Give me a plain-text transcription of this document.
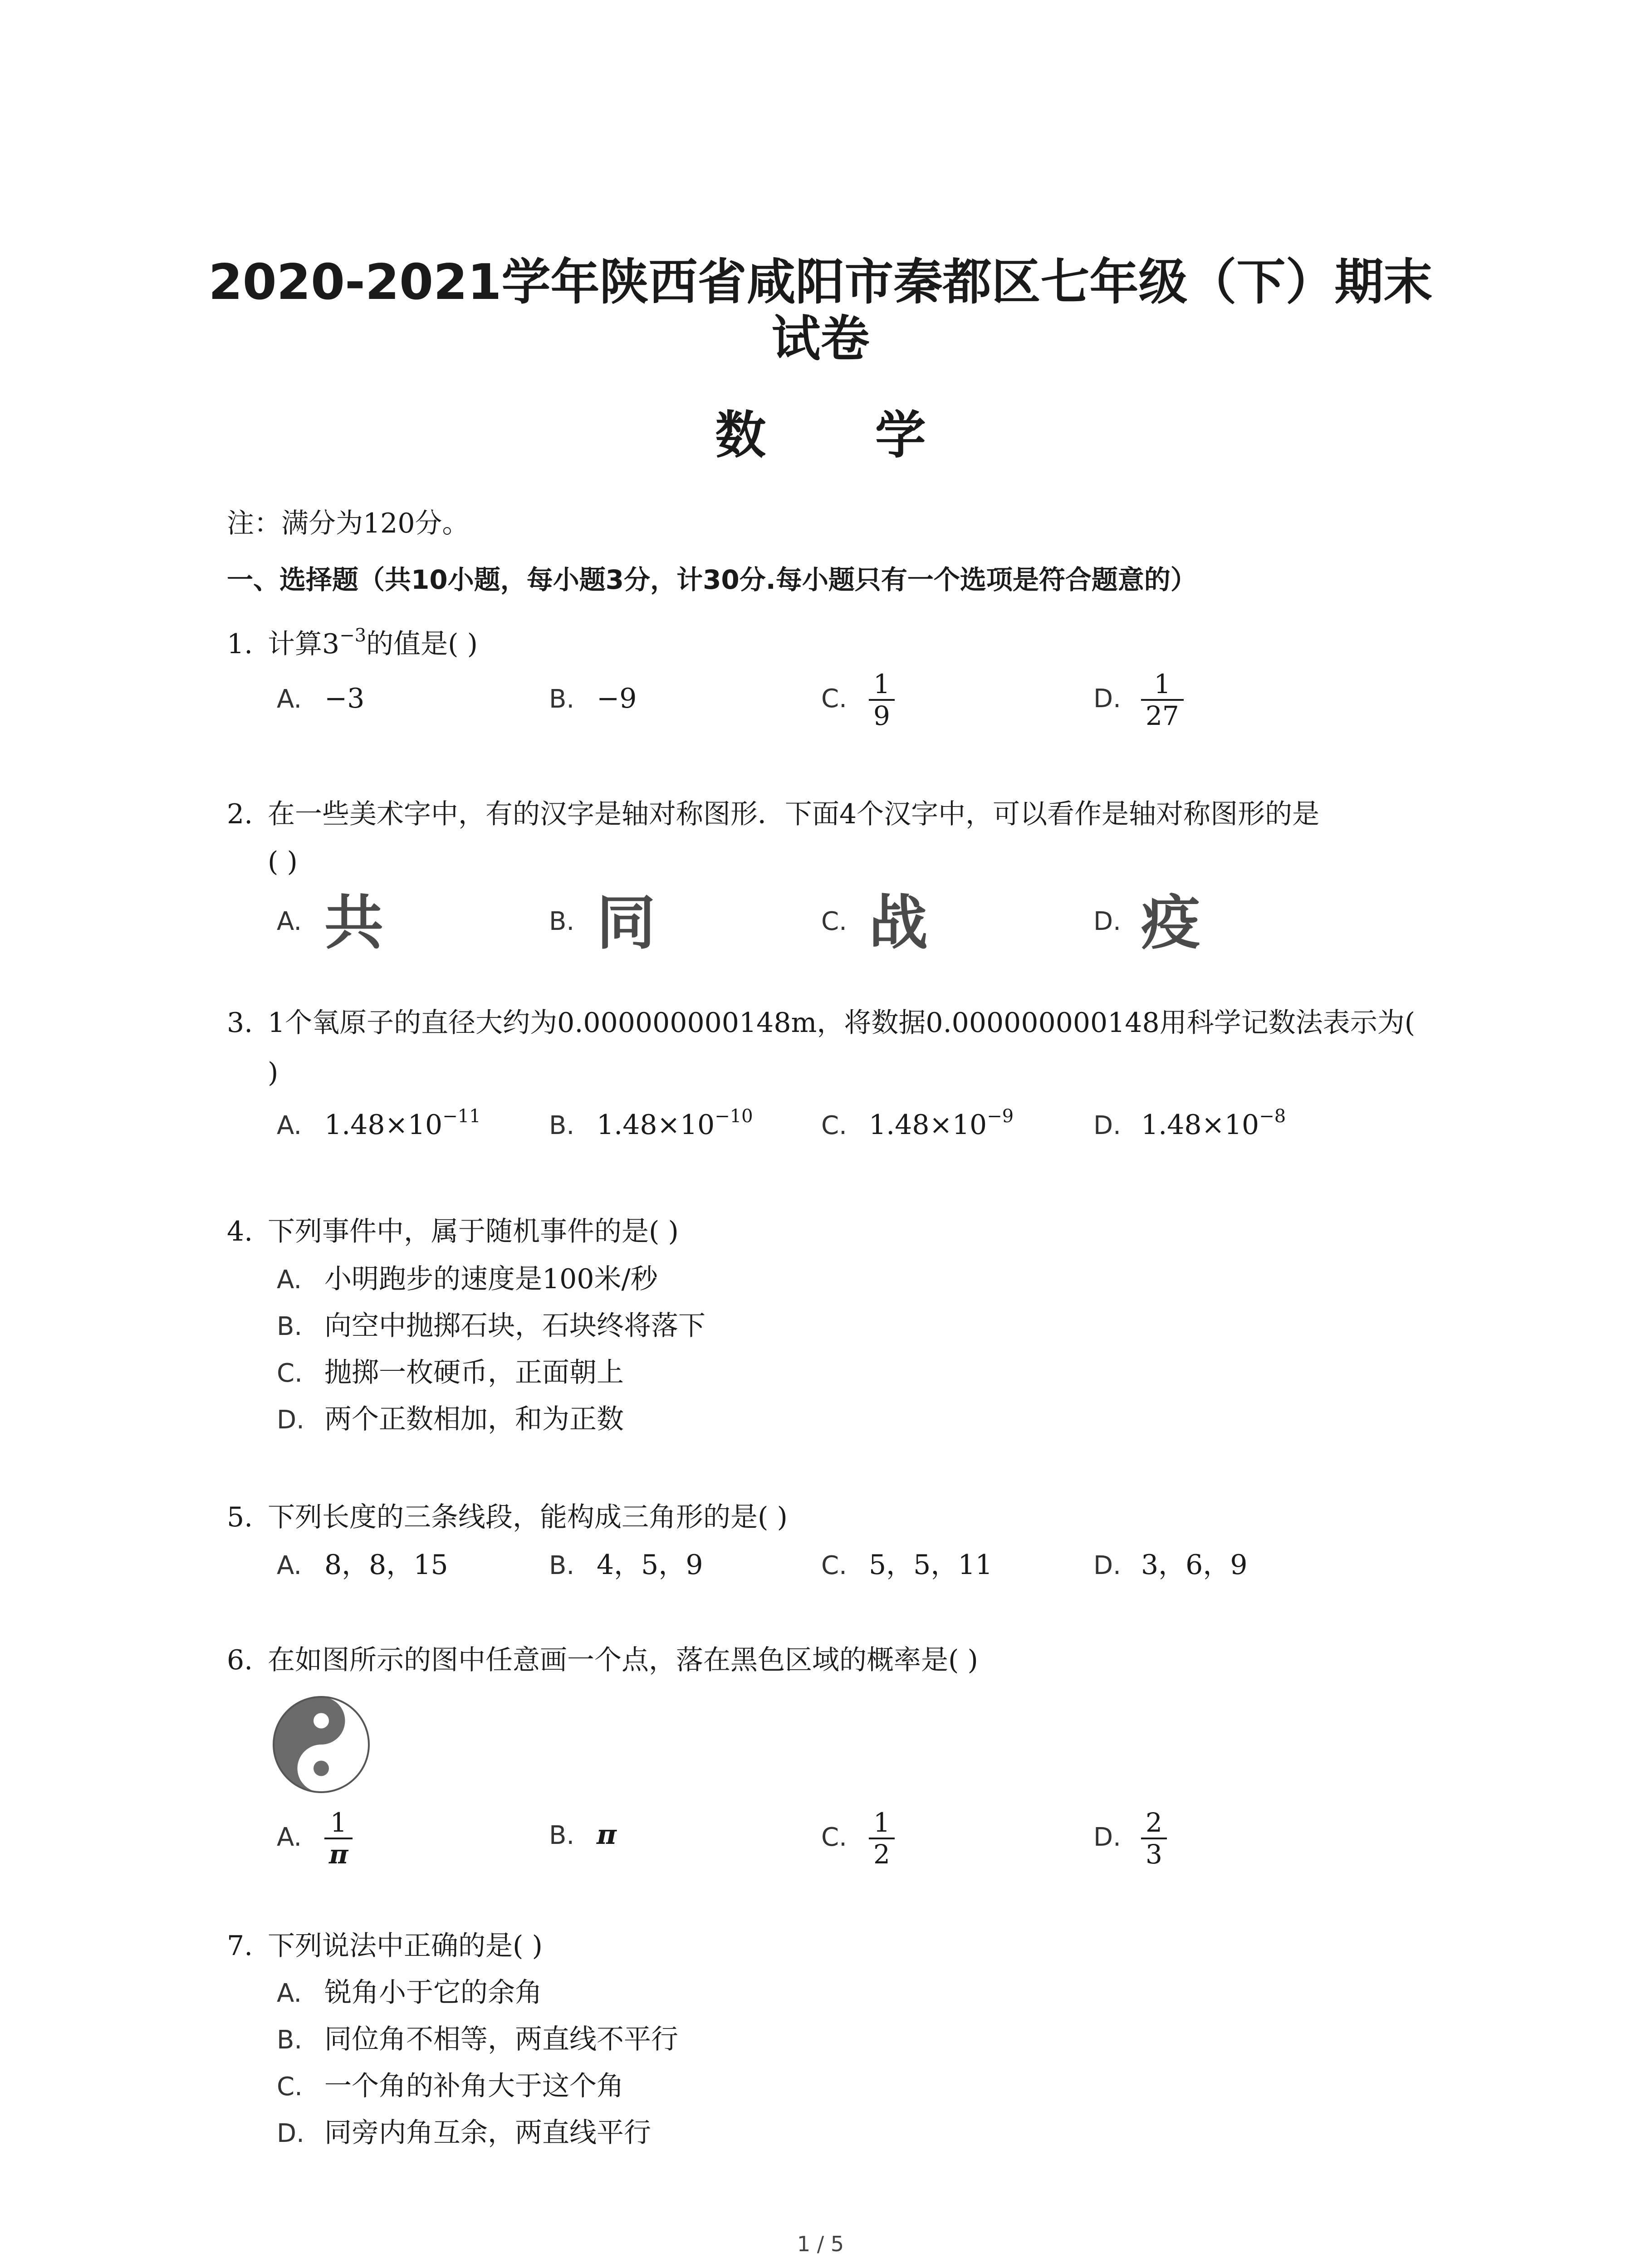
2020-2021学年陕西省咸阳市秦都区七年级（下）期末
试卷
数 学
注：满分为120分。
一、选择题（共10小题，每小题3分，计30分.每小题只有一个选项是符合题意的）
1. 计算$3^{-3}$的值是( )
A. −3	B. −9	C. $\frac{1}{9}$	D. $\frac{1}{27}$
2. 在一些美术字中，有的汉字是轴对称图形．下面4个汉字中，可以看作是轴对称图形的是
( )
A. 共	B. 同	C. 战	D. 疫
3. 1个氧原子的直径大约为0.000000000148m，将数据0.000000000148用科学记数法表示为(
)
A. $1.48\times 10^{-11}$	B. $1.48\times 10^{-10}$	C. $1.48\times 10^{-9}$	D. $1.48\times 10^{-8}$
4. 下列事件中，属于随机事件的是( )
A. 小明跑步的速度是100米/秒
B. 向空中抛掷石块，石块终将落下
C. 抛掷一枚硬币，正面朝上
D. 两个正数相加，和为正数
5. 下列长度的三条线段，能构成三角形的是( )
A. 8，8，15	B. 4，5，9	C. 5，5，11	D. 3，6，9
6. 在如图所示的图中任意画一个点，落在黑色区域的概率是( )
A. $\frac{1}{\pi}$	B. π	C. $\frac{1}{2}$	D. $\frac{2}{3}$
7. 下列说法中正确的是( )
A. 锐角小于它的余角
B. 同位角不相等，两直线不平行
C. 一个角的补角大于这个角
D. 同旁内角互余，两直线平行
1 / 5
